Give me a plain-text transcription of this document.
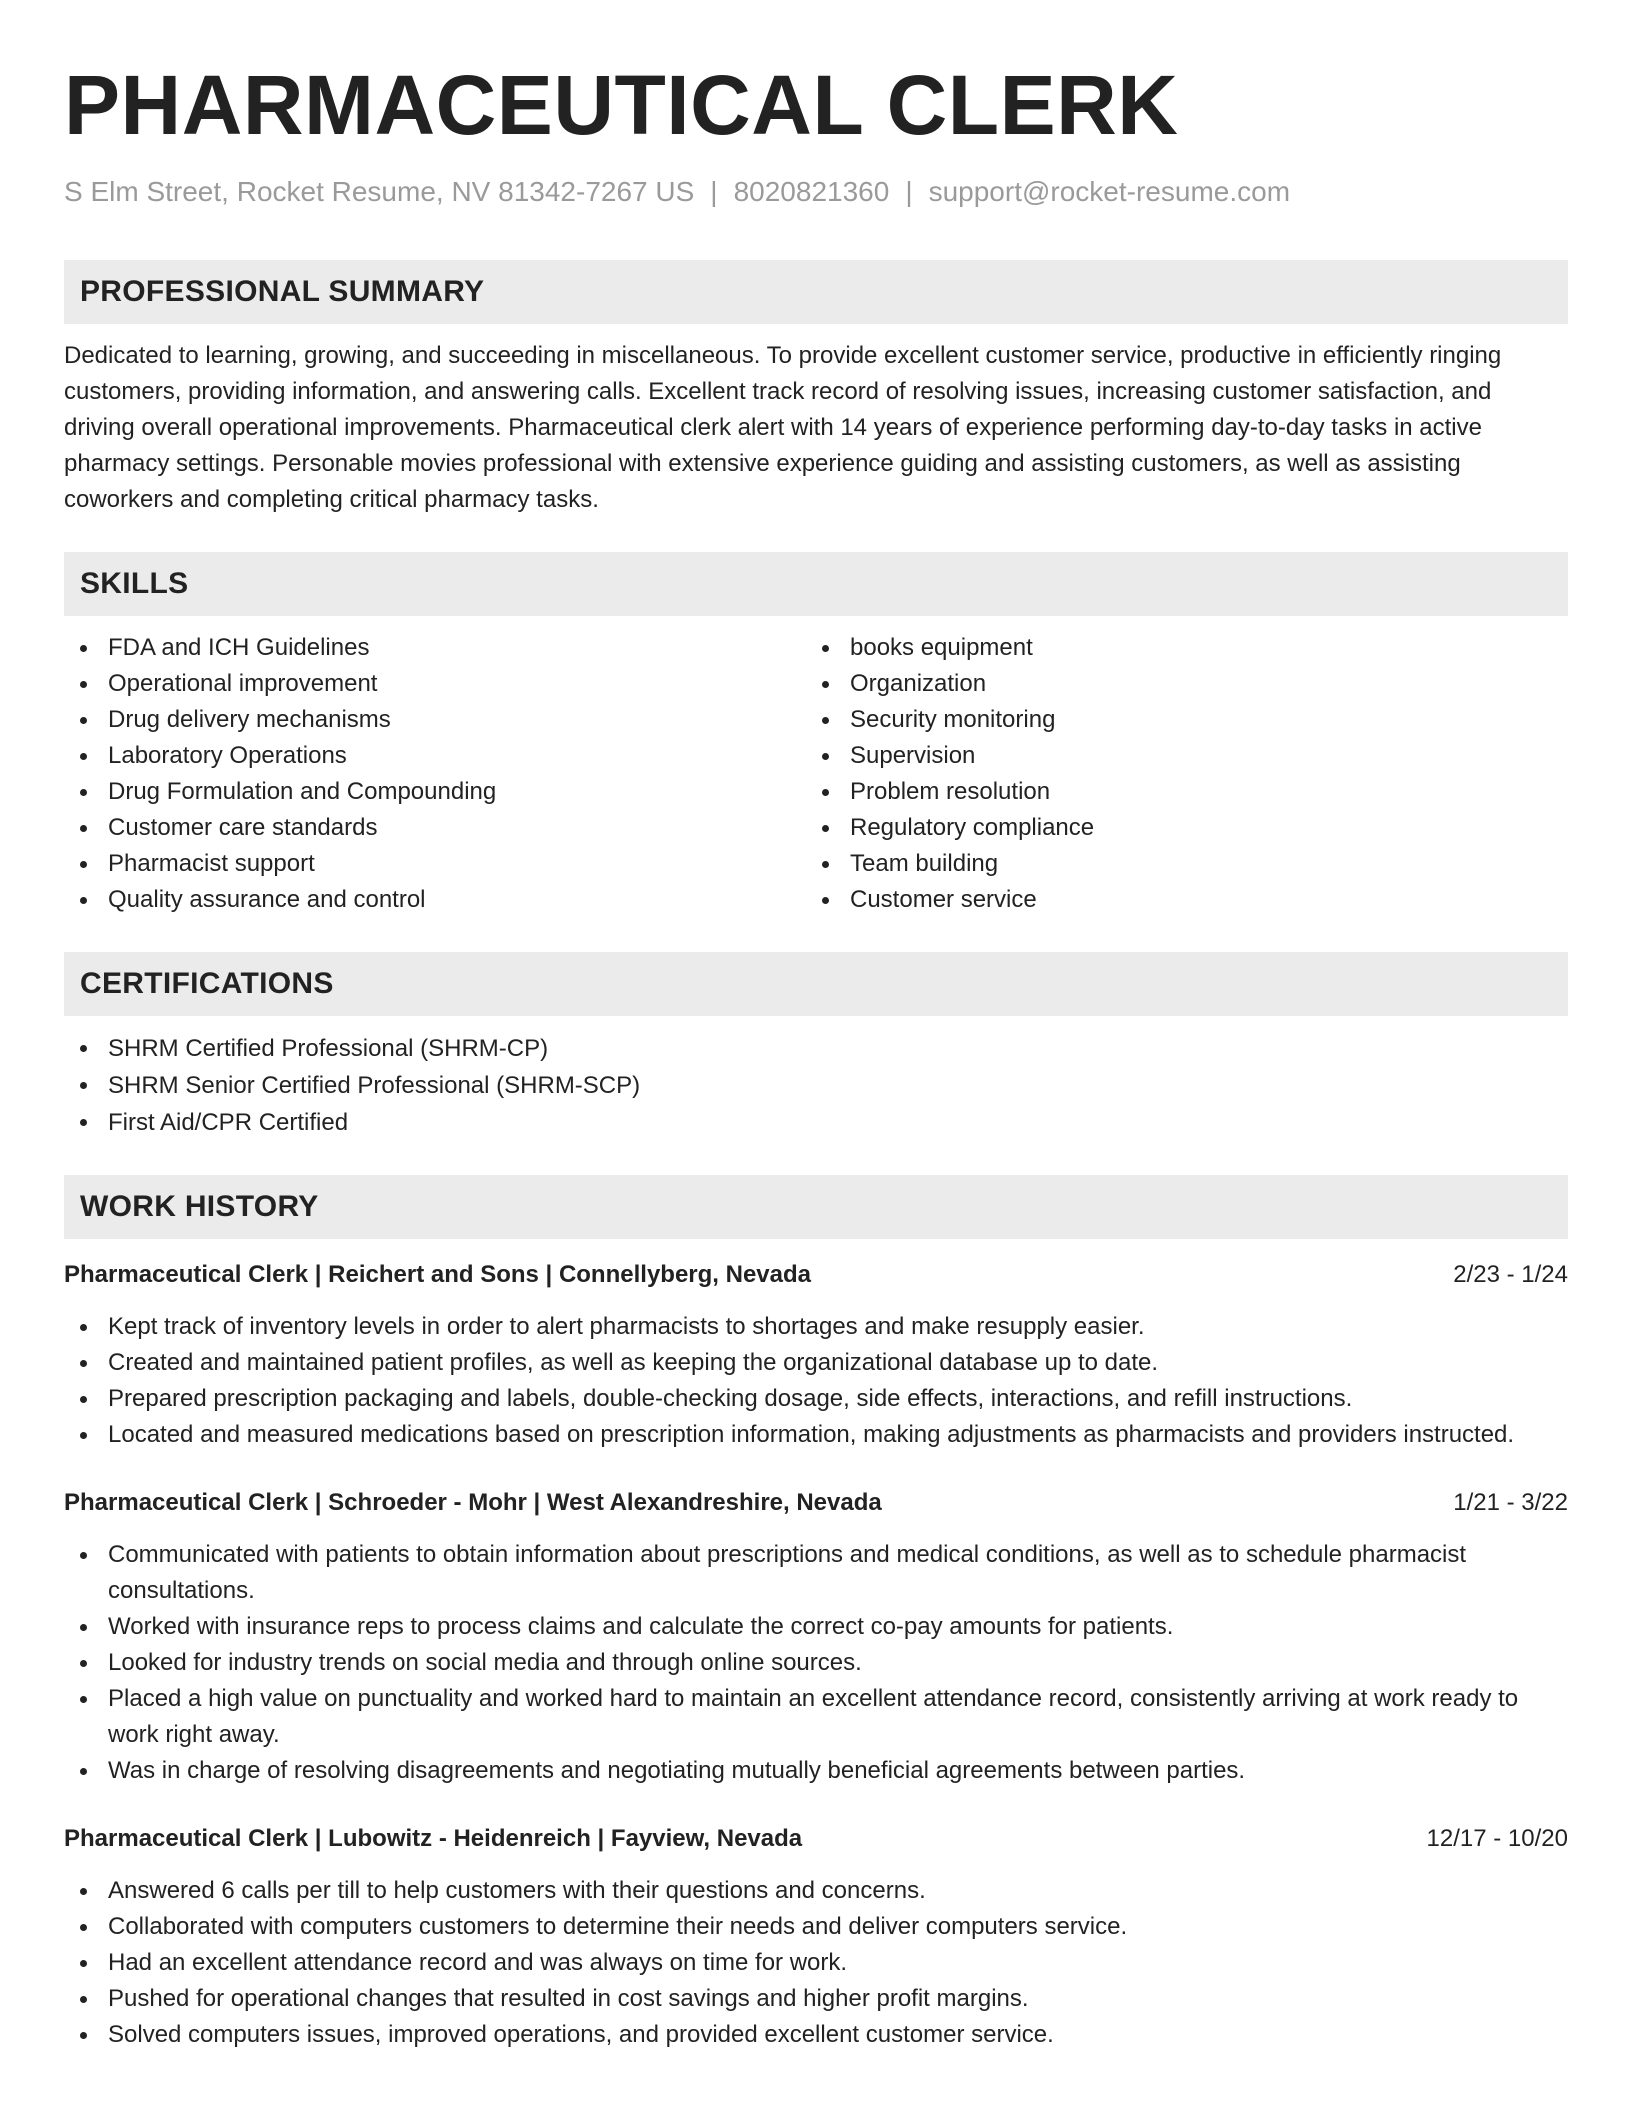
PHARMACEUTICAL CLERK
S Elm Street, Rocket Resume, NV 81342-7267 US | 8020821360 | support@rocket-resume.com
PROFESSIONAL SUMMARY
Dedicated to learning, growing, and succeeding in miscellaneous. To provide excellent customer service, productive in efficiently ringing customers, providing information, and answering calls. Excellent track record of resolving issues, increasing customer satisfaction, and driving overall operational improvements. Pharmaceutical clerk alert with 14 years of experience performing day-to-day tasks in active pharmacy settings. Personable movies professional with extensive experience guiding and assisting customers, as well as assisting coworkers and completing critical pharmacy tasks.
SKILLS
FDA and ICH Guidelines
Operational improvement
Drug delivery mechanisms
Laboratory Operations
Drug Formulation and Compounding
Customer care standards
Pharmacist support
Quality assurance and control
books equipment
Organization
Security monitoring
Supervision
Problem resolution
Regulatory compliance
Team building
Customer service
CERTIFICATIONS
SHRM Certified Professional (SHRM-CP)
SHRM Senior Certified Professional (SHRM-SCP)
First Aid/CPR Certified
WORK HISTORY
Pharmaceutical Clerk | Reichert and Sons | Connellyberg, Nevada	2/23 - 1/24
Kept track of inventory levels in order to alert pharmacists to shortages and make resupply easier.
Created and maintained patient profiles, as well as keeping the organizational database up to date.
Prepared prescription packaging and labels, double-checking dosage, side effects, interactions, and refill instructions.
Located and measured medications based on prescription information, making adjustments as pharmacists and providers instructed.
Pharmaceutical Clerk | Schroeder - Mohr | West Alexandreshire, Nevada	1/21 - 3/22
Communicated with patients to obtain information about prescriptions and medical conditions, as well as to schedule pharmacist consultations.
Worked with insurance reps to process claims and calculate the correct co-pay amounts for patients.
Looked for industry trends on social media and through online sources.
Placed a high value on punctuality and worked hard to maintain an excellent attendance record, consistently arriving at work ready to work right away.
Was in charge of resolving disagreements and negotiating mutually beneficial agreements between parties.
Pharmaceutical Clerk | Lubowitz - Heidenreich | Fayview, Nevada	12/17 - 10/20
Answered 6 calls per till to help customers with their questions and concerns.
Collaborated with computers customers to determine their needs and deliver computers service.
Had an excellent attendance record and was always on time for work.
Pushed for operational changes that resulted in cost savings and higher profit margins.
Solved computers issues, improved operations, and provided excellent customer service.
